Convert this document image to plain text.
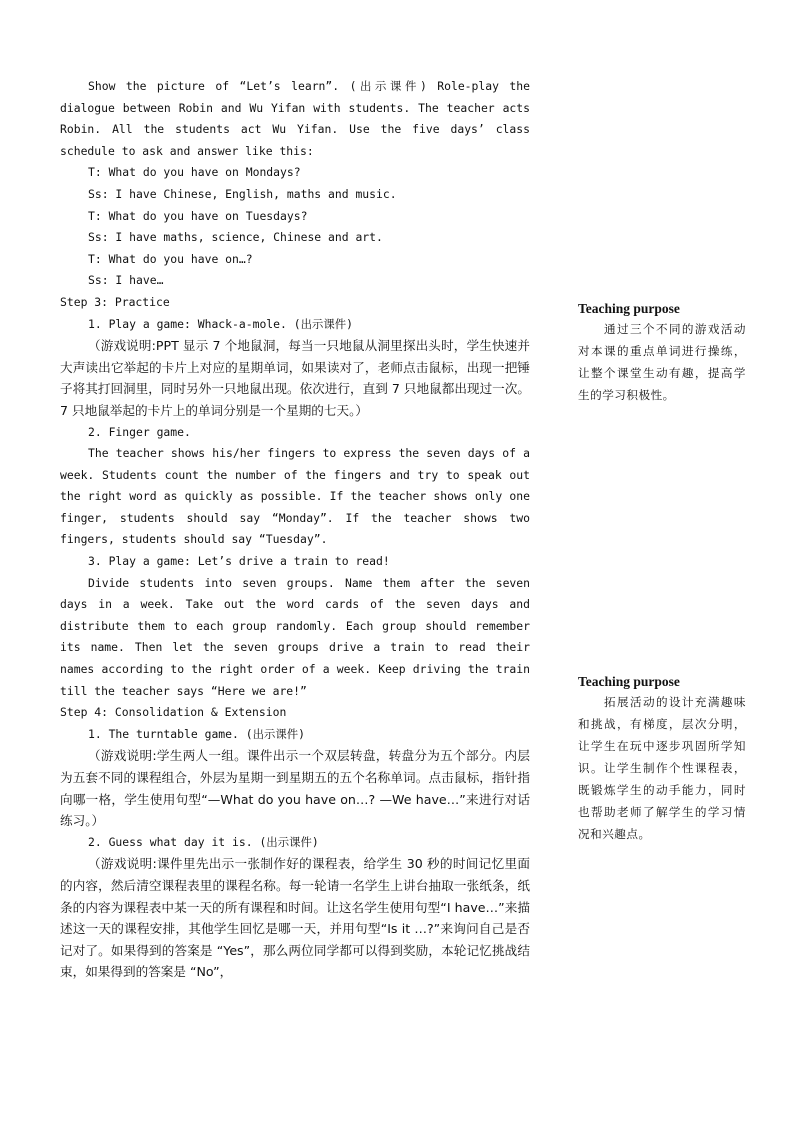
Show the picture of “Let’s learn”. (出示课件) Role-play the dialogue between Robin and Wu Yifan with students. The teacher acts Robin. All the students act Wu Yifan. Use the five days’ class schedule to ask and answer like this:

T: What do you have on Mondays?

Ss: I have Chinese, English, maths and music.

T: What do you have on Tuesdays?

Ss: I have maths, science, Chinese and art.

T: What do you have on…?

Ss: I have…

Step 3: Practice

1. Play a game: Whack-a-mole. (出示课件)

（游戏说明:PPT 显示 7 个地鼠洞，每当一只地鼠从洞里探出头时，学生快速并大声读出它举起的卡片上对应的星期单词，如果读对了，老师点击鼠标，出现一把锤子将其打回洞里，同时另外一只地鼠出现。依次进行，直到 7 只地鼠都出现过一次。7 只地鼠举起的卡片上的单词分别是一个星期的七天。）

2. Finger game.

The teacher shows his/her fingers to express the seven days of a week. Students count the number of the fingers and try to speak out the right word as quickly as possible. If the teacher shows only one finger, students should say “Monday”. If the teacher shows two fingers, students should say “Tuesday”.

3. Play a game: Let’s drive a train to read!

Divide students into seven groups. Name them after the seven days in a week. Take out the word cards of the seven days and distribute them to each group randomly. Each group should remember its name. Then let the seven groups drive a train to read their names according to the right order of a week. Keep driving the train till the teacher says “Here we are!”

Step 4: Consolidation & Extension

1. The turntable game. (出示课件)

（游戏说明:学生两人一组。课件出示一个双层转盘，转盘分为五个部分。内层为五套不同的课程组合，外层为星期一到星期五的五个名称单词。点击鼠标，指针指向哪一格，学生使用句型“—What do you have on…? —We have…”来进行对话练习。）

2. Guess what day it is. (出示课件)

（游戏说明:课件里先出示一张制作好的课程表，给学生 30 秒的时间记忆里面的内容，然后清空课程表里的课程名称。每一轮请一名学生上讲台抽取一张纸条，纸条的内容为课程表中某一天的所有课程和时间。让这名学生使用句型“I have…”来描述这一天的课程安排，其他学生回忆是哪一天，并用句型“Is it …?”来询问自己是否记对了。如果得到的答案是 “Yes”，那么两位同学都可以得到奖励，本轮记忆挑战结束，如果得到的答案是 “No”，

Teaching purpose

通过三个不同的游戏活动对本课的重点单词进行操练， 让整个课堂生动有趣，提高学生的学习积极性。

Teaching purpose

拓展活动的设计充满趣味和挑战，有梯度，层次分明，让学生在玩中逐步巩固所学知识。让学生制作个性课程表，既锻炼学生的动手能力，同时也帮助老师了解学生的学习情况和兴趣点。
